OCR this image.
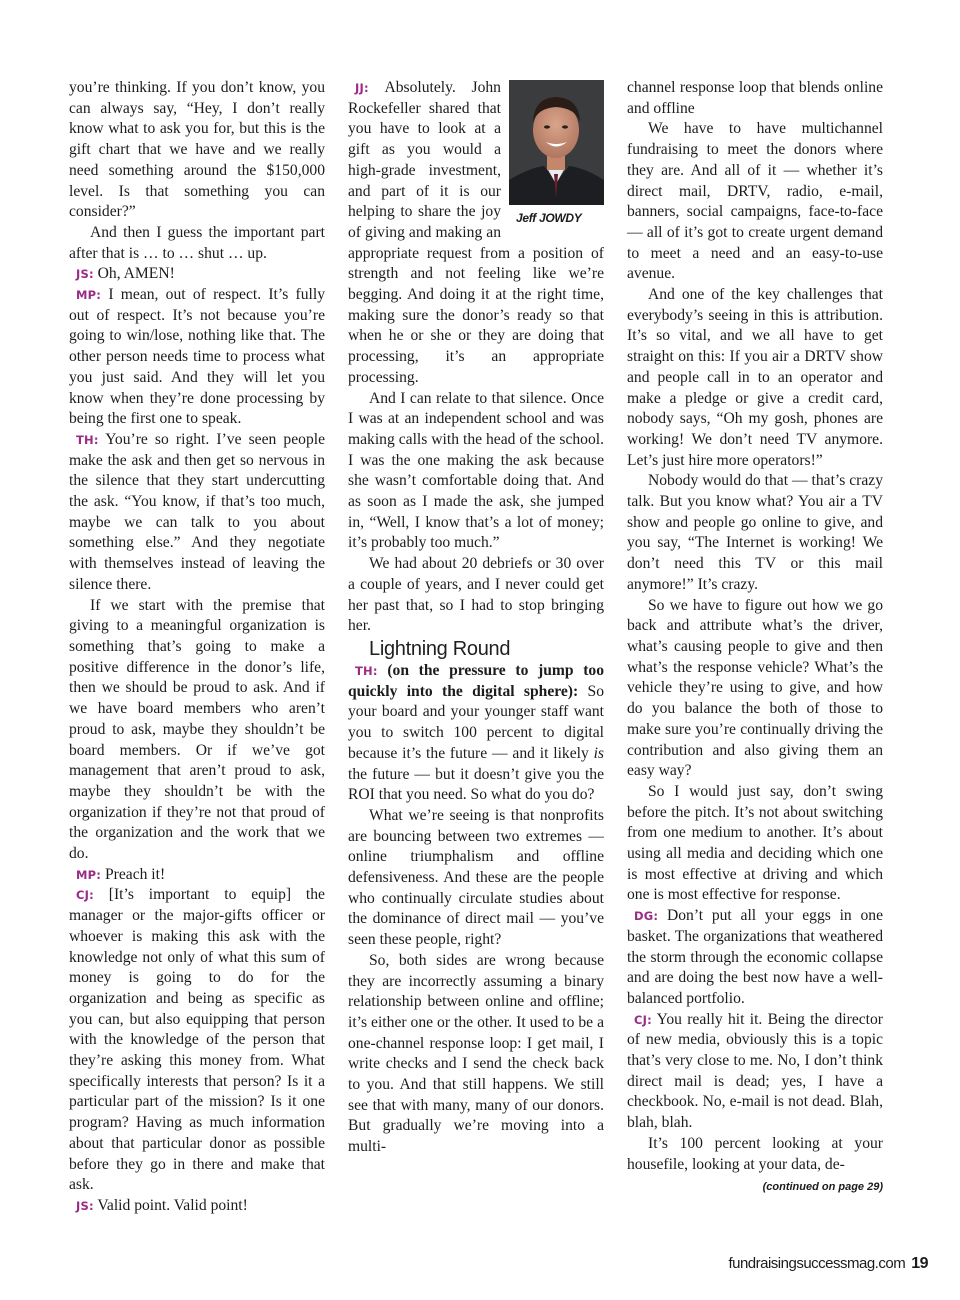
you’re thinking. If you don’t know, you can always say, “Hey, I don’t really know what to ask you for, but this is the gift chart that we have and we really need something around the $150,000 level. Is that something you can consider?”

And then I guess the important part after that is … to … shut … up.

JS: Oh, AMEN!

MP: I mean, out of respect. It’s fully out of respect. It’s not because you’re going to win/lose, nothing like that. The other person needs time to process what you just said. And they will let you know when they’re done processing by being the first one to speak.

TH: You’re so right. I’ve seen people make the ask and then get so nervous in the silence that they start undercutting the ask. “You know, if that’s too much, maybe we can talk to you about something else.” And they negotiate with themselves instead of leaving the silence there.

If we start with the premise that giving to a meaningful organization is something that’s going to make a positive difference in the donor’s life, then we should be proud to ask. And if we have board members who aren’t proud to ask, maybe they shouldn’t be board members. Or if we’ve got management that aren’t proud to ask, maybe they shouldn’t be with the organization if they’re not that proud of the organization and the work that we do.

MP: Preach it!

CJ: [It’s important to equip] the manager or the major-gifts officer or whoever is making this ask with the knowledge not only of what this sum of money is going to do for the organization and being as specific as you can, but also equipping that person with the knowledge of the person that they’re asking this money from. What specifically interests that person? Is it a particular part of the mission? Is it one program? Having as much information about that particular donor as possible before they go in there and make that ask.

JS: Valid point. Valid point!

JJ:
Jeff JOWDY
Absolutely. John Rockefeller shared that you have to look at a gift as you would a high-grade investment, and part of it is our helping to share the joy of giving and making an appropriate request from a position of strength and not feeling like we’re begging. And doing it at the right time, making sure the donor’s ready so that when he or she or they are doing that processing, it’s an appropriate processing.

And I can relate to that silence. Once I was at an independent school and was making calls with the head of the school. I was the one making the ask because she wasn’t comfortable doing that. And as soon as I made the ask, she jumped in, “Well, I know that’s a lot of money; it’s probably too much.”

We had about 20 debriefs or 30 over a couple of years, and I never could get her past that, so I had to stop bringing her.

Lightning Round

TH: (on the pressure to jump too quickly into the digital sphere): So your board and your younger staff want you to switch 100 percent to digital because it’s the future — and it likely is the future — but it doesn’t give you the ROI that you need. So what do you do?

What we’re seeing is that nonprofits are bouncing between two extremes — online triumphalism and offline defensiveness. And these are the people who continually circulate studies about the dominance of direct mail — you’ve seen these people, right?

So, both sides are wrong because they are incorrectly assuming a binary relationship between online and offline; it’s either one or the other. It used to be a one-channel response loop: I get mail, I write checks and I send the check back to you. And that still happens. We still see that with many, many of our donors. But gradually we’re moving into a multi-

channel response loop that blends online and offline

We have to have multichannel fundraising to meet the donors where they are. And all of it — whether it’s direct mail, DRTV, radio, e-mail, banners, social campaigns, face-to-face — all of it’s got to create urgent demand to meet a need and an easy-to-use avenue.

And one of the key challenges that everybody’s seeing in this is attribution. It’s so vital, and we all have to get straight on this: If you air a DRTV show and people call in to an operator and make a pledge or give a credit card, nobody says, “Oh my gosh, phones are working! We don’t need TV anymore. Let’s just hire more operators!”

Nobody would do that — that’s crazy talk. But you know what? You air a TV show and people go online to give, and you say, “The Internet is working! We don’t need this TV or this mail anymore!” It’s crazy.

So we have to figure out how we go back and attribute what’s the driver, what’s causing people to give and then what’s the response vehicle? What’s the vehicle they’re using to give, and how do you balance the both of those to make sure you’re continually driving the contribution and also giving them an easy way?

So I would just say, don’t swing before the pitch. It’s not about switching from one medium to another. It’s about using all media and deciding which one is most effective at driving and which one is most effective for response.

DG: Don’t put all your eggs in one basket. The organizations that weathered the storm through the economic collapse and are doing the best now have a well-balanced portfolio.

CJ: You really hit it. Being the director of new media, obviously this is a topic that’s very close to me. No, I don’t think direct mail is dead; yes, I have a checkbook. No, e-mail is not dead. Blah, blah, blah.

It’s 100 percent looking at your housefile, looking at your data, de-

(continued on page 29)
fundraisingsuccessmag.com 19
